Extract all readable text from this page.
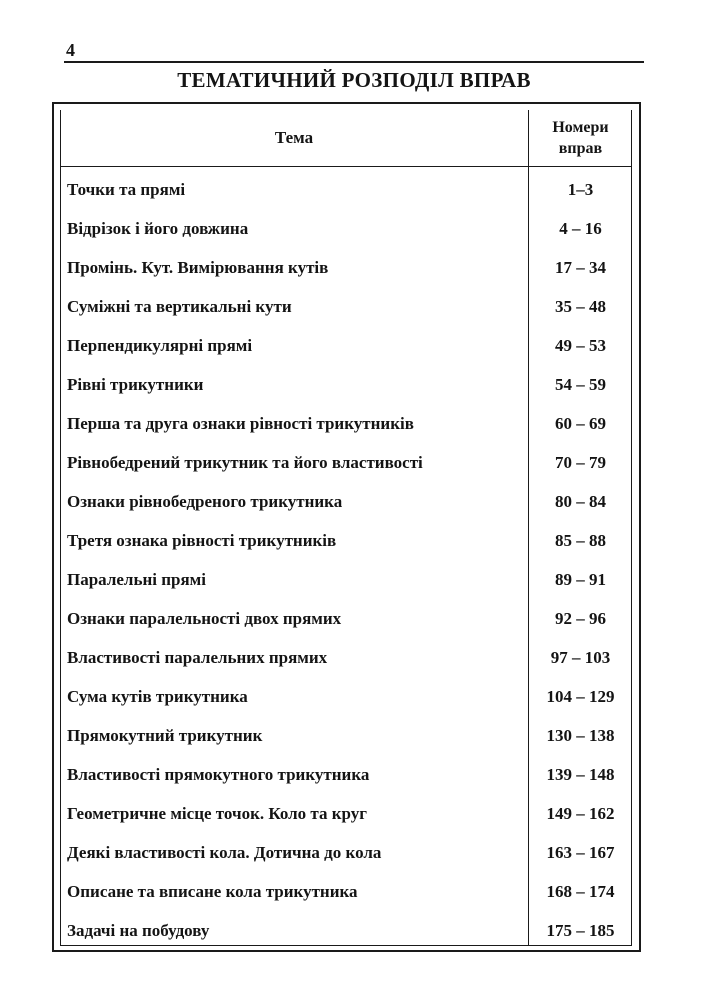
4
ТЕМАТИЧНИЙ РОЗПОДІЛ ВПРАВ
Тема
Номери
вправ
Точки та прямі	1–3
Відрізок і його довжина	4 – 16
Промінь. Кут. Вимірювання кутів	17 – 34
Суміжні та вертикальні кути	35 – 48
Перпендикулярні прямі	49 – 53
Рівні трикутники	54 – 59
Перша та друга ознаки рівності трикутників	60 – 69
Рівнобедрений трикутник та його властивості	70 – 79
Ознаки рівнобедреного трикутника	80 – 84
Третя ознака рівності трикутників	85 – 88
Паралельні прямі	89 – 91
Ознаки паралельності двох прямих	92 – 96
Властивості паралельних прямих	97 – 103
Сума кутів трикутника	104 – 129
Прямокутний трикутник	130 – 138
Властивості прямокутного трикутника	139 – 148
Геометричне місце точок. Коло та круг	149 – 162
Деякі властивості кола. Дотична до кола	163 – 167
Описане та вписане кола трикутника	168 – 174
Задачі на побудову	175 – 185
